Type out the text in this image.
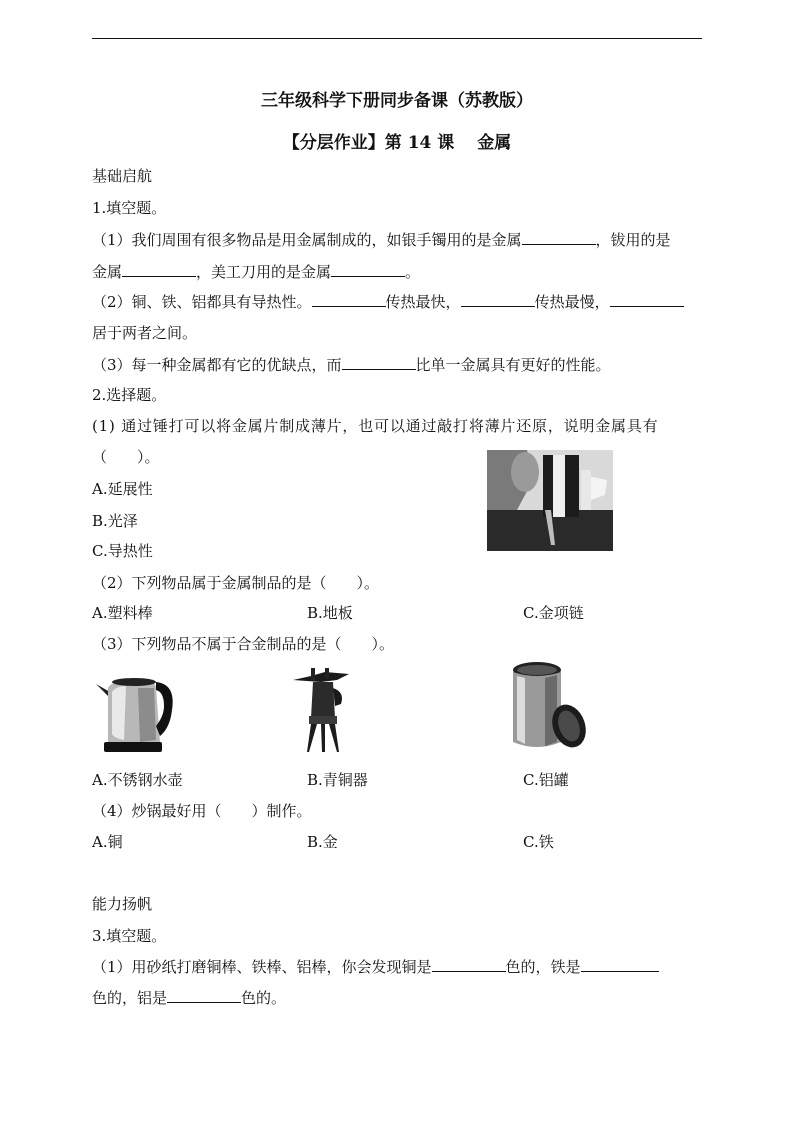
三年级科学下册同步备课（苏教版）
【分层作业】第 14 课　 金属
基础启航
1.填空题。
（1）我们周围有很多物品是用金属制成的，如银手镯用的是金属	，钹用的是
金属	，美工刀用的是金属	。
（2）铜、铁、铝都具有导热性。	传热最快，	传热最慢，
居于两者之间。
（3）每一种金属都有它的优缺点，而	比单一金属具有更好的性能。
2.选择题。
(1) 通过锤打可以将金属片制成薄片，也可以通过敲打将薄片还原，说明金属具有
（　　）。
A.延展性
B.光泽
C.导热性
（2）下列物品属于金属制品的是（　　）。
A.塑料棒	B.地板	C.金项链
（3）下列物品不属于合金制品的是（　　）。
A.不锈钢水壶	B.青铜器	C.铝罐
（4）炒锅最好用（　　）制作。
A.铜	B.金	C.铁
能力扬帆
3.填空题。
（1）用砂纸打磨铜棒、铁棒、铝棒，你会发现铜是	色的，铁是
色的，铝是	色的。
